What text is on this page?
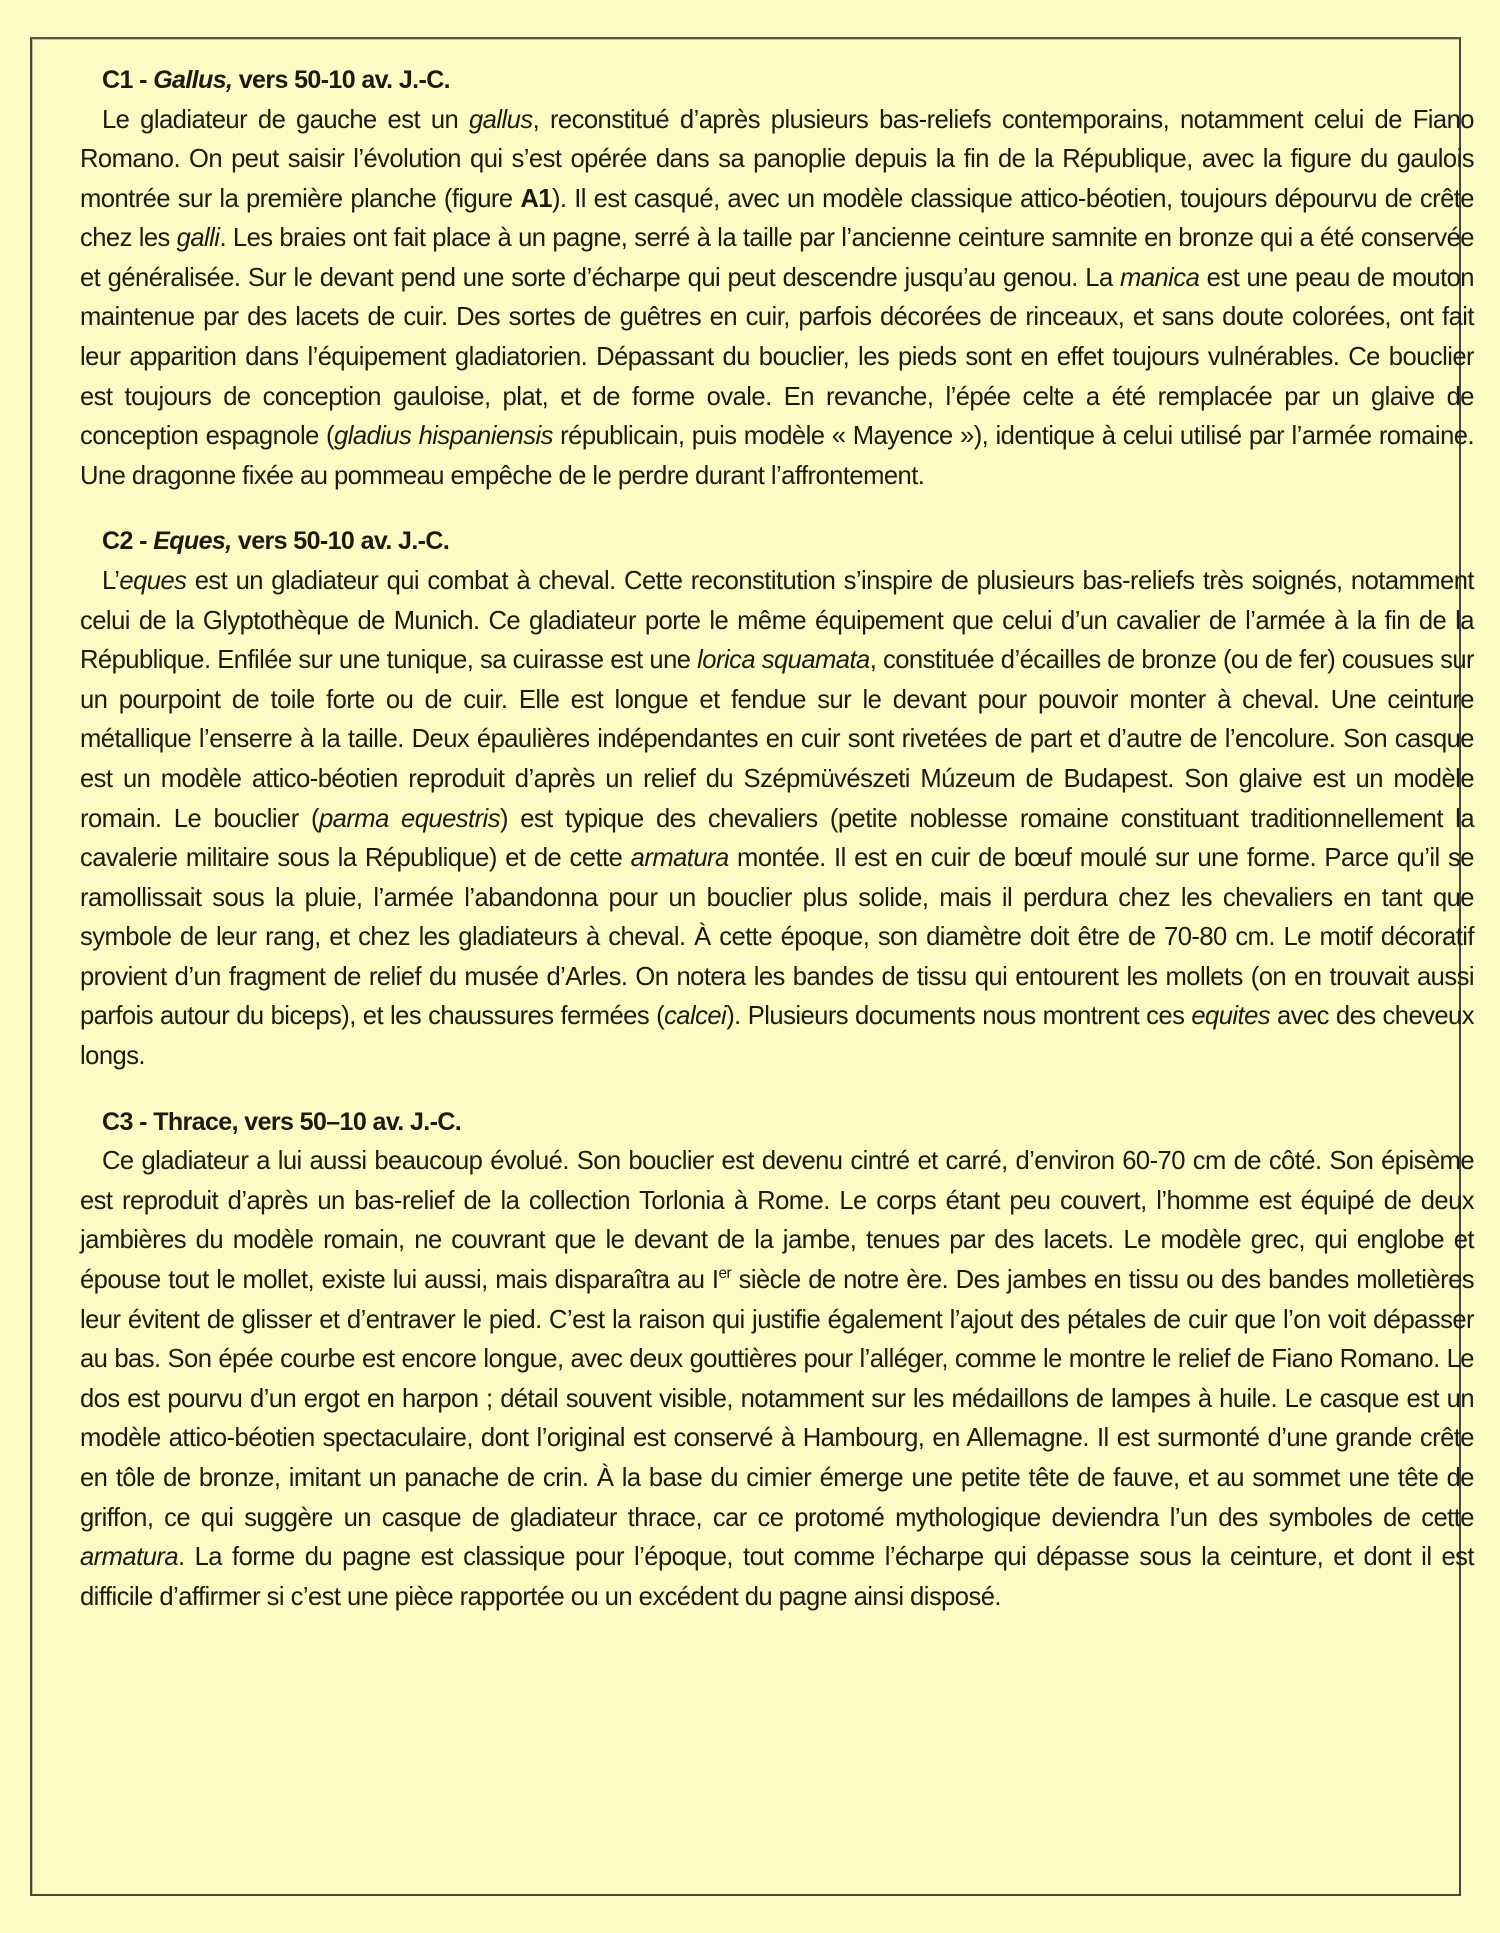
C1 - Gallus, vers 50-10 av. J.-C.

Le gladiateur de gauche est un gallus, reconstitué d’après plusieurs bas-reliefs contemporains, notamment celui de Fiano Romano. On peut saisir l’évolution qui s’est opérée dans sa panoplie depuis la fin de la République, avec la figure du gaulois montrée sur la première planche (figure A1). Il est casqué, avec un modèle classique attico-béotien, toujours dépourvu de crête chez les galli. Les braies ont fait place à un pagne, serré à la taille par l’ancienne ceinture samnite en bronze qui a été conservée et généralisée. Sur le devant pend une sorte d’écharpe qui peut descendre jusqu’au genou. La manica est une peau de mouton maintenue par des lacets de cuir. Des sortes de guêtres en cuir, parfois décorées de rinceaux, et sans doute colorées, ont fait leur apparition dans l’équipement gladiatorien. Dépassant du bouclier, les pieds sont en effet toujours vulnérables. Ce bouclier est toujours de conception gauloise, plat, et de forme ovale. En revanche, l’épée celte a été remplacée par un glaive de conception espagnole (gladius hispaniensis républicain, puis modèle « Mayence »), identique à celui utilisé par l’armée romaine. Une dragonne fixée au pommeau empêche de le perdre durant l’affrontement.

C2 - Eques, vers 50-10 av. J.-C.

L’eques est un gladiateur qui combat à cheval. Cette reconstitution s’inspire de plusieurs bas-reliefs très soignés, notamment celui de la Glyptothèque de Munich. Ce gladiateur porte le même équipement que celui d’un cavalier de l’armée à la fin de la République. Enfilée sur une tunique, sa cuirasse est une lorica squamata, constituée d’écailles de bronze (ou de fer) cousues sur un pourpoint de toile forte ou de cuir. Elle est longue et fendue sur le devant pour pouvoir monter à cheval. Une ceinture métallique l’enserre à la taille. Deux épaulières indépendantes en cuir sont rivetées de part et d’autre de l’encolure. Son casque est un modèle attico-béotien reproduit d’après un relief du Szépmüvészeti Múzeum de Budapest. Son glaive est un modèle romain. Le bouclier (parma equestris) est typique des chevaliers (petite noblesse romaine constituant traditionnellement la cavalerie militaire sous la République) et de cette armatura montée. Il est en cuir de bœuf moulé sur une forme. Parce qu’il se ramollissait sous la pluie, l’armée l’abandonna pour un bouclier plus solide, mais il perdura chez les chevaliers en tant que symbole de leur rang, et chez les gladiateurs à cheval. À cette époque, son diamètre doit être de 70-80 cm. Le motif décoratif provient d’un fragment de relief du musée d’Arles. On notera les bandes de tissu qui entourent les mollets (on en trouvait aussi parfois autour du biceps), et les chaussures fermées (calcei). Plusieurs documents nous montrent ces equites avec des cheveux longs.

C3 - Thrace, vers 50–10 av. J.-C.

Ce gladiateur a lui aussi beaucoup évolué. Son bouclier est devenu cintré et carré, d’environ 60-70 cm de côté. Son épisème est reproduit d’après un bas-relief de la collection Torlonia à Rome. Le corps étant peu couvert, l’homme est équipé de deux jambières du modèle romain, ne couvrant que le devant de la jambe, tenues par des lacets. Le modèle grec, qui englobe et épouse tout le mollet, existe lui aussi, mais disparaîtra au Ier siècle de notre ère. Des jambes en tissu ou des bandes molletières leur évitent de glisser et d’entraver le pied. C’est la raison qui justifie également l’ajout des pétales de cuir que l’on voit dépasser au bas. Son épée courbe est encore longue, avec deux gouttières pour l’alléger, comme le montre le relief de Fiano Romano. Le dos est pourvu d’un ergot en harpon ; détail souvent visible, notamment sur les médaillons de lampes à huile. Le casque est un modèle attico-béotien spectaculaire, dont l’original est conservé à Hambourg, en Allemagne. Il est surmonté d’une grande crête en tôle de bronze, imitant un panache de crin. À la base du cimier émerge une petite tête de fauve, et au sommet une tête de griffon, ce qui suggère un casque de gladiateur thrace, car ce protomé mythologique deviendra l’un des symboles de cette armatura. La forme du pagne est classique pour l’époque, tout comme l’écharpe qui dépasse sous la ceinture, et dont il est difficile d’affirmer si c’est une pièce rapportée ou un excédent du pagne ainsi disposé.
